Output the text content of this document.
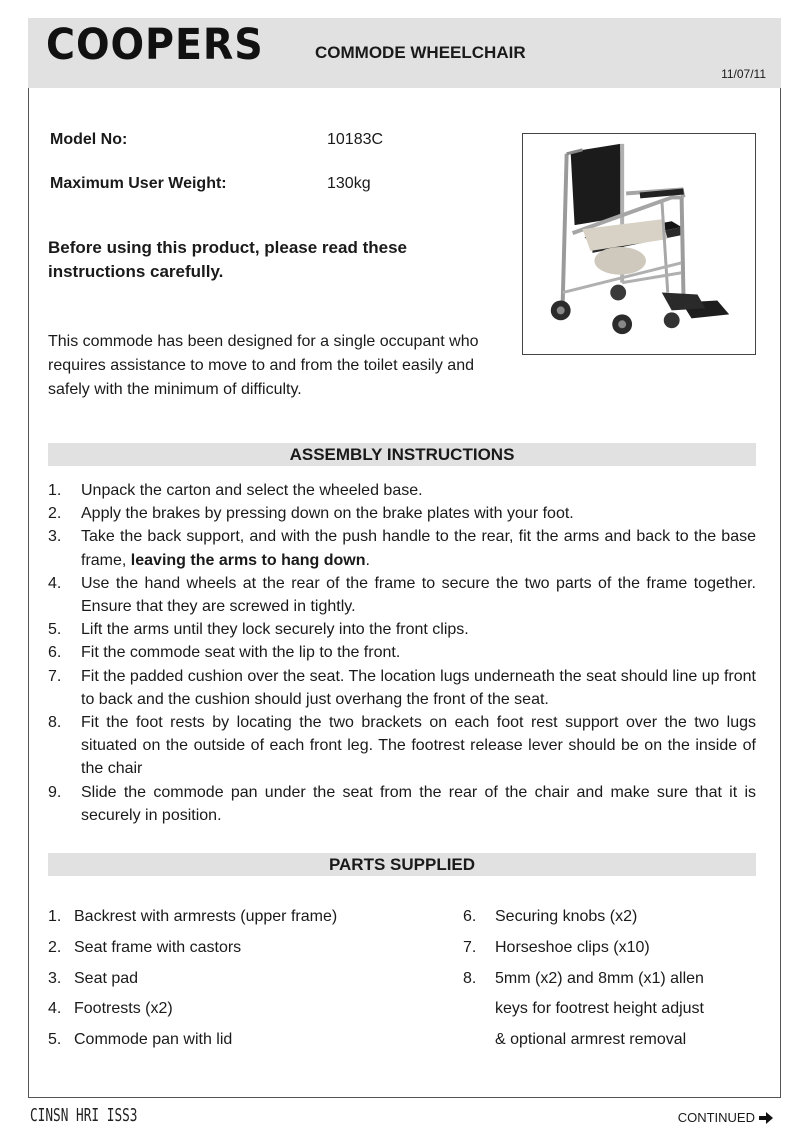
COOPERS	COMMODE WHEELCHAIR
11/07/11
Model No:	10183C
Maximum User Weight:	130kg
Before using this product, please read these instructions carefully.
This commode has been designed for a single occupant who requires assistance to move to and from the toilet easily and safely with the minimum of difficulty.
ASSEMBLY INSTRUCTIONS
1.	Unpack the carton and select the wheeled base.
2.	Apply the brakes by pressing down on the brake plates with your foot.
3.	Take the back support, and with the push handle to the rear, fit the arms and back to the base frame, leaving the arms to hang down.
4.	Use the hand wheels at the rear of the frame to secure the two parts of the frame together. Ensure that they are screwed in tightly.
5.	Lift the arms until they lock securely into the front clips.
6.	Fit the commode seat with the lip to the front.
7.	Fit the padded cushion over the seat. The location lugs underneath the seat should line up front to back and the cushion should just overhang the front of the seat.
8.	Fit the foot rests by locating the two brackets on each foot rest support over the two lugs situated on the outside of each front leg. The footrest release lever should be on the inside of the chair
9.	Slide the commode pan under the seat from the rear of the chair and make sure that it is securely in position.
PARTS SUPPLIED
1. Backrest with armrests (upper frame)
2. Seat frame with castors
3. Seat pad
4. Footrests (x2)
5. Commode pan with lid
6. Securing knobs (x2)
7. Horseshoe clips (x10)
8. 5mm (x2) and 8mm (x1) allen
keys for footrest height adjust
& optional armrest removal
CINSN HRI ISS3	CONTINUED
